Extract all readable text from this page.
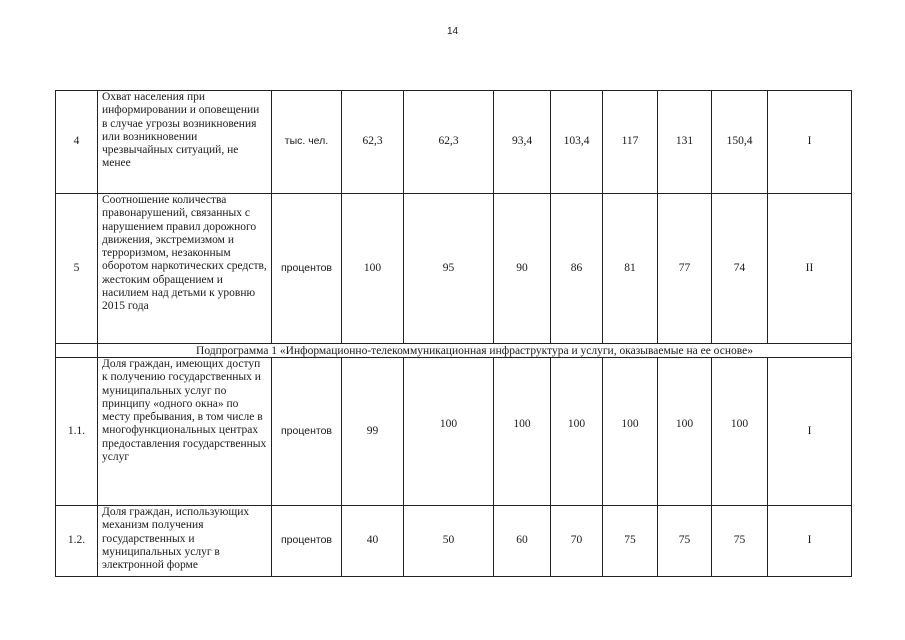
14
4	Охват населения при информировании и оповещении в случае угрозы возникновения или возникновении чрезвычайных ситуаций, не менее	тыс. чел.	62,3	62,3	93,4	103,4	117	131	150,4	I
5	Соотношение количества правонарушений, связанных с нарушением правил дорожного движения, экстремизмом и терроризмом, незаконным оборотом наркотических средств, жестоким обращением и насилием над детьми к уровню 2015 года	процентов	100	95	90	86	81	77	74	II
	Подпрограмма 1 «Информационно-телекоммуникационная инфраструктура и услуги, оказываемые на ее основе»									
1.1.	Доля граждан, имеющих доступ к получению государственных и муниципальных услуг по принципу «одного окна» по месту пребывания, в том числе в многофункциональных центрах предоставления государственных услуг	процентов	99	100	100	100	100	100	100	I
1.2.	Доля граждан, использующих механизм получения государственных и муниципальных услуг в электронной форме	процентов	40	50	60	70	75	75	75	I
